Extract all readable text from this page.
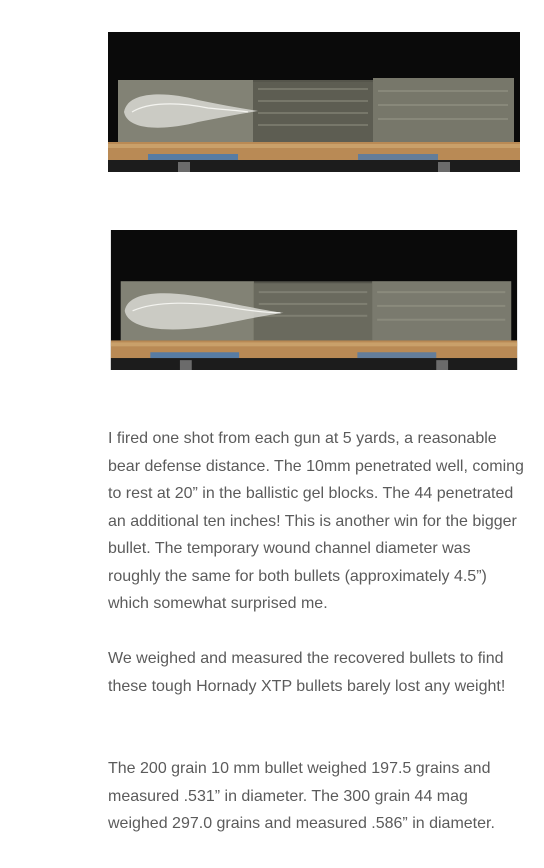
I fired one shot from each gun at 5 yards, a reasonable bear defense distance. The 10mm penetrated well, coming to rest at 20” in the ballistic gel blocks. The 44 penetrated an additional ten inches! This is another win for the bigger bullet. The temporary wound channel diameter was roughly the same for both bullets (approximately 4.5”) which somewhat surprised me.

We weighed and measured the recovered bullets to find these tough Hornady XTP bullets barely lost any weight!

The 200 grain 10 mm bullet weighed 197.5 grains and measured .531” in diameter. The 300 grain 44 mag weighed 297.0 grains and measured .586” in diameter.
